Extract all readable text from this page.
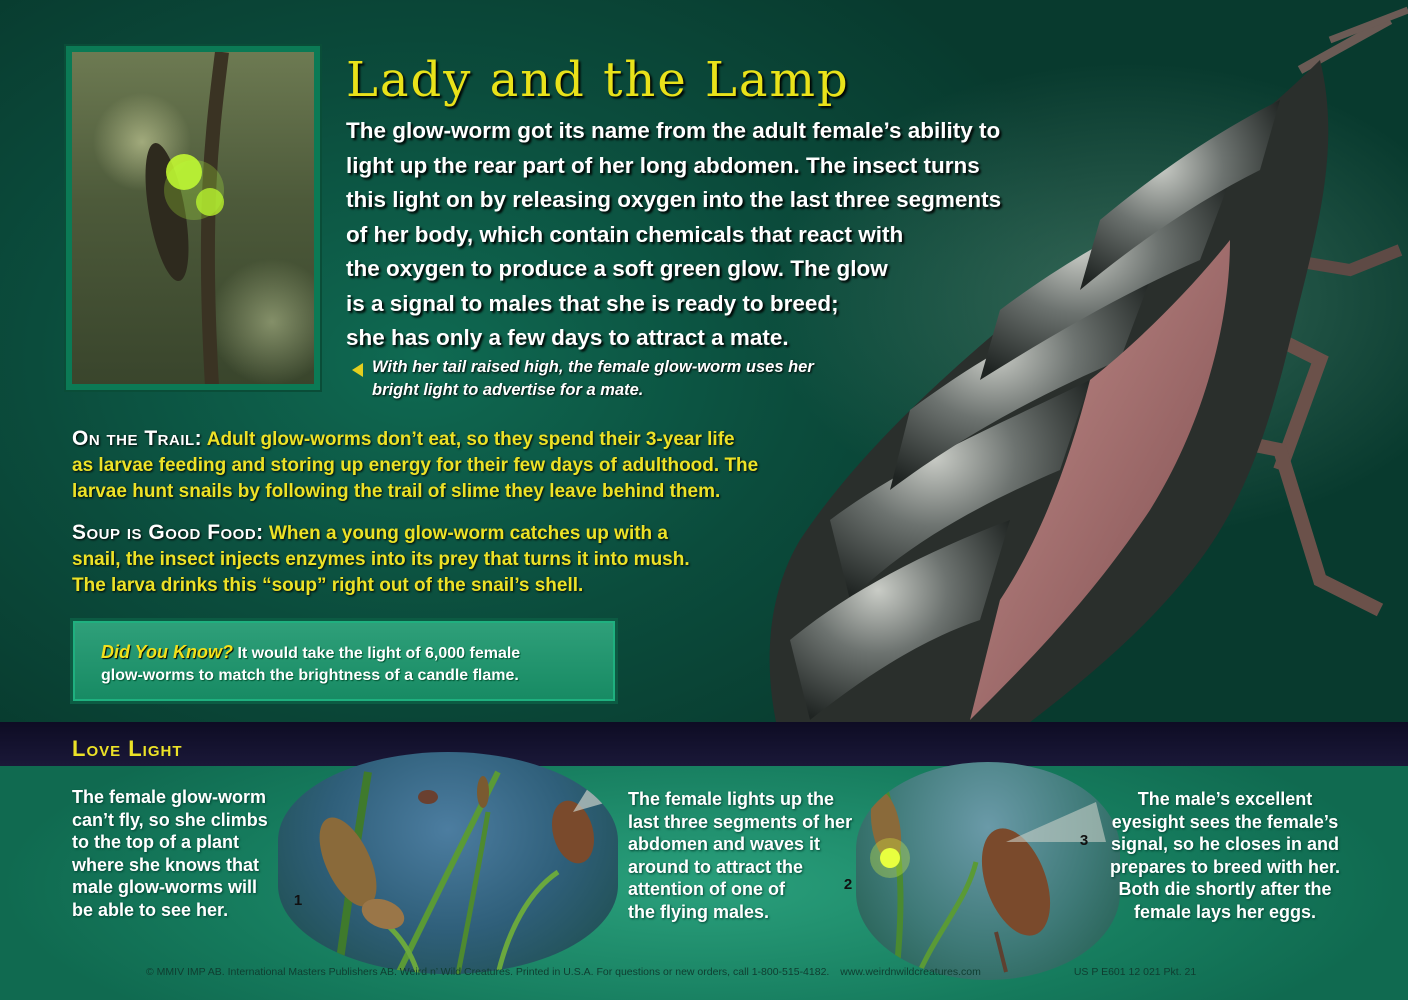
Lady and the Lamp
The glow-worm got its name from the adult female’s ability to
light up the rear part of her long abdomen. The insect turns
this light on by releasing oxygen into the last three segments
of her body, which contain chemicals that react with
the oxygen to produce a soft green glow. The glow
is a signal to males that she is ready to breed;
she has only a few days to attract a mate.
With her tail raised high, the female glow-worm uses her
bright light to advertise for a mate.
On the Trail: Adult glow-worms don’t eat, so they spend their 3-year life
as larvae feeding and storing up energy for their few days of adulthood. The
larvae hunt snails by following the trail of slime they leave behind them.
Soup is Good Food: When a young glow-worm catches up with a
snail, the insect injects enzymes into its prey that turns it into mush.
The larva drinks this “soup” right out of the snail’s shell.
Did You Know? It would take the light of 6,000 female
glow-worms to match the brightness of a candle flame.
Love Light
The female glow-worm
can’t fly, so she climbs
to the top of a plant
where she knows that
male glow-worms will
be able to see her.
The female lights up the
last three segments of her
abdomen and waves it
around to attract the
attention of one of
the flying males.
The male’s excellent
eyesight sees the female’s
signal, so he closes in and
prepares to breed with her.
Both die shortly after the
female lays her eggs.
1
2
3
© MMIV IMP AB. International Masters Publishers AB. Weird n’ Wild Creatures. Printed in U.S.A. For questions or new orders, call 1-800-515-4182. www.weirdnwildcreatures.com	US P E601 12 021 Pkt. 21
